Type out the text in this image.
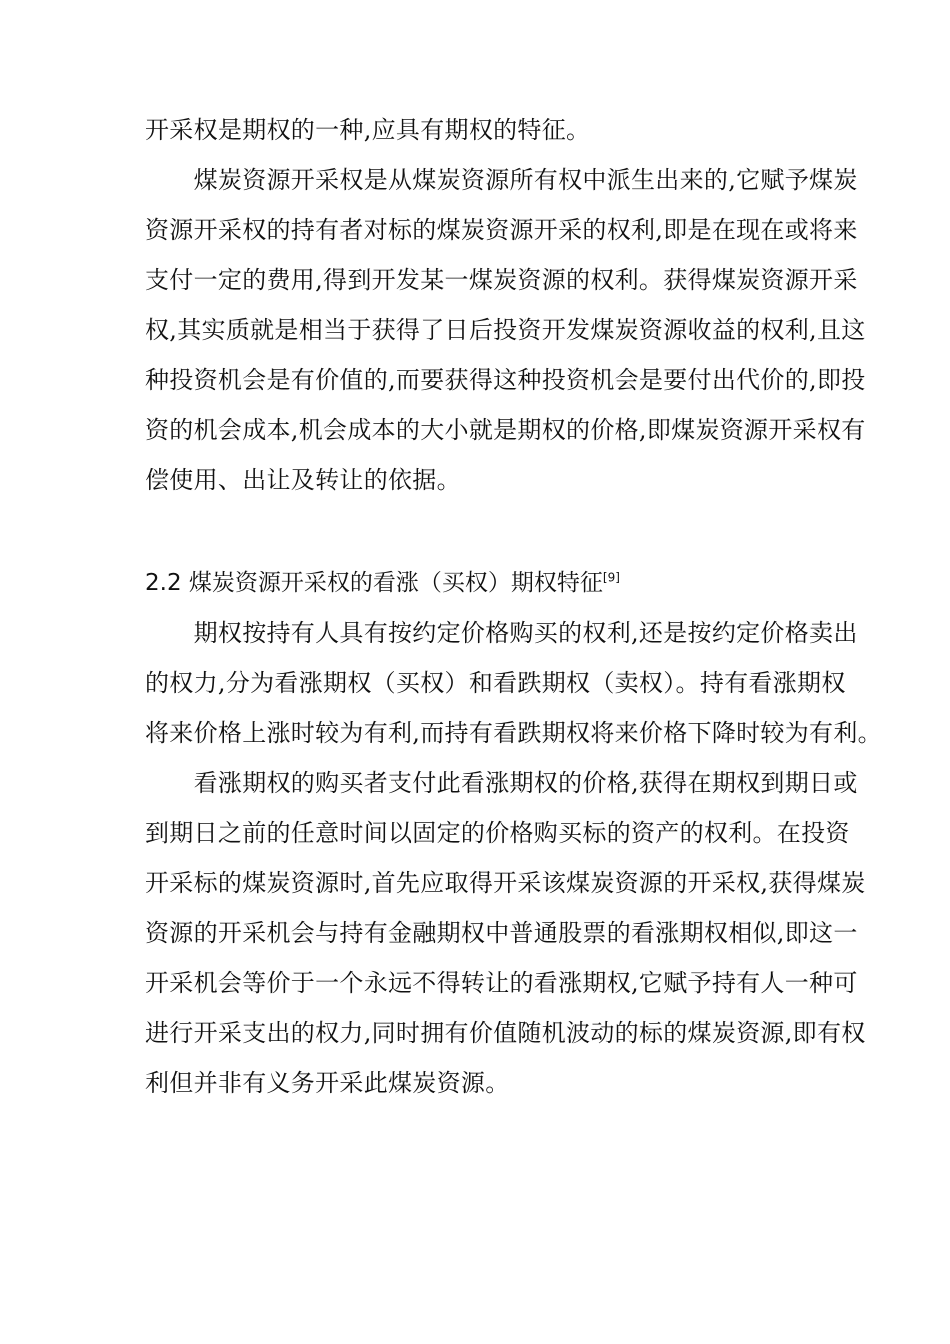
开采权是期权的一种,应具有期权的特征。
　　煤炭资源开采权是从煤炭资源所有权中派生出来的,它赋予煤炭
资源开采权的持有者对标的煤炭资源开采的权利,即是在现在或将来
支付一定的费用,得到开发某一煤炭资源的权利。获得煤炭资源开采
权,其实质就是相当于获得了日后投资开发煤炭资源收益的权利,且这
种投资机会是有价值的,而要获得这种投资机会是要付出代价的,即投
资的机会成本,机会成本的大小就是期权的价格,即煤炭资源开采权有
偿使用、出让及转让的依据。
2.2 煤炭资源开采权的看涨（买权）期权特征[9]
　　期权按持有人具有按约定价格购买的权利,还是按约定价格卖出
的权力,分为看涨期权（买权）和看跌期权（卖权）。持有看涨期权
将来价格上涨时较为有利,而持有看跌期权将来价格下降时较为有利。
　　看涨期权的购买者支付此看涨期权的价格,获得在期权到期日或
到期日之前的任意时间以固定的价格购买标的资产的权利。在投资
开采标的煤炭资源时,首先应取得开采该煤炭资源的开采权,获得煤炭
资源的开采机会与持有金融期权中普通股票的看涨期权相似,即这一
开采机会等价于一个永远不得转让的看涨期权,它赋予持有人一种可
进行开采支出的权力,同时拥有价值随机波动的标的煤炭资源,即有权
利但并非有义务开采此煤炭资源。
